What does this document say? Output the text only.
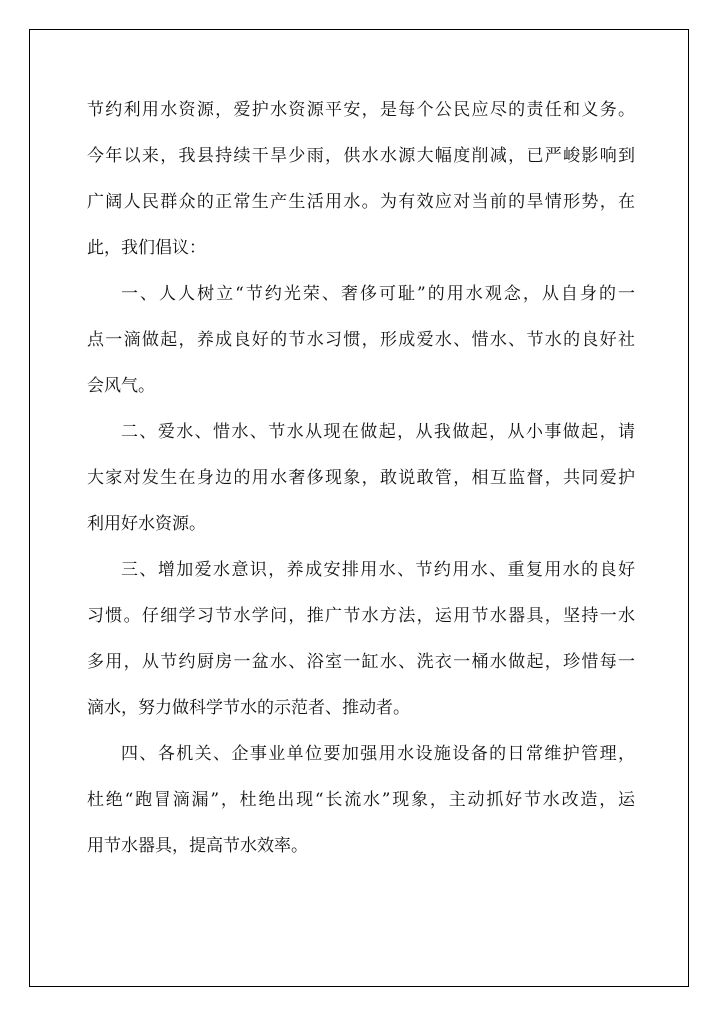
节约利用水资源，爱护水资源平安，是每个公民应尽的责任和义务。
今年以来，我县持续干旱少雨，供水水源大幅度削减，已严峻影响到
广阔人民群众的正常生产生活用水。为有效应对当前的旱情形势，在
此，我们倡议：
一、人人树立“节约光荣、奢侈可耻”的用水观念，从自身的一
点一滴做起，养成良好的节水习惯，形成爱水、惜水、节水的良好社
会风气。
二、爱水、惜水、节水从现在做起，从我做起，从小事做起，请
大家对发生在身边的用水奢侈现象，敢说敢管，相互监督，共同爱护
利用好水资源。
三、增加爱水意识，养成安排用水、节约用水、重复用水的良好
习惯。仔细学习节水学问，推广节水方法，运用节水器具，坚持一水
多用，从节约厨房一盆水、浴室一缸水、洗衣一桶水做起，珍惜每一
滴水，努力做科学节水的示范者、推动者。
四、各机关、企事业单位要加强用水设施设备的日常维护管理，
杜绝“跑冒滴漏”，杜绝出现“长流水”现象，主动抓好节水改造，运
用节水器具，提高节水效率。
